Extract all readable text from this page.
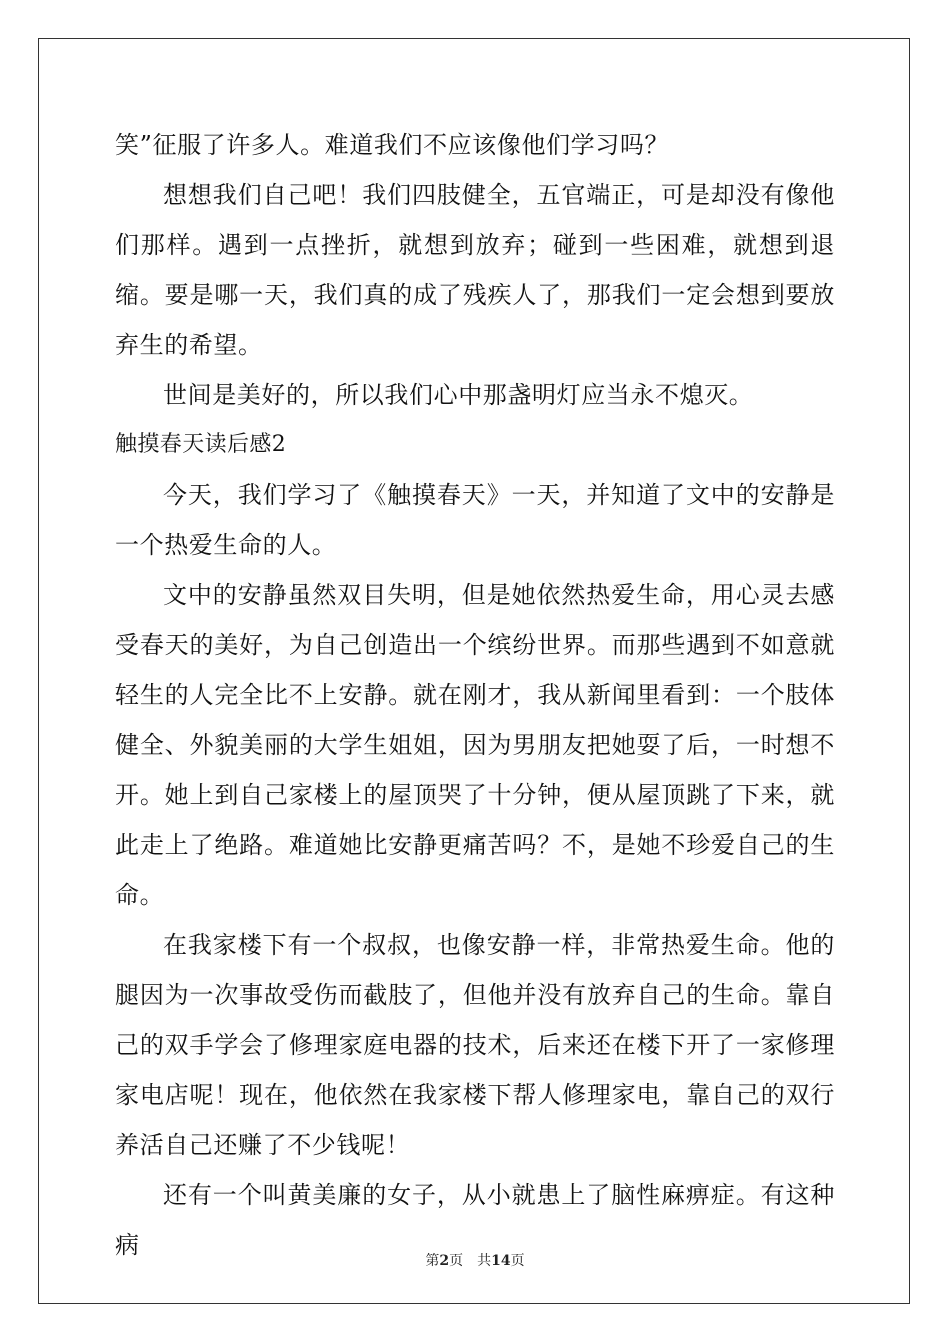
笑”征服了许多人。难道我们不应该像他们学习吗？

想想我们自己吧！我们四肢健全，五官端正，可是却没有像他们那样。遇到一点挫折，就想到放弃；碰到一些困难，就想到退缩。要是哪一天，我们真的成了残疾人了，那我们一定会想到要放弃生的希望。

世间是美好的，所以我们心中那盏明灯应当永不熄灭。

触摸春天读后感2

今天，我们学习了《触摸春天》一天，并知道了文中的安静是一个热爱生命的人。

文中的安静虽然双目失明，但是她依然热爱生命，用心灵去感受春天的美好，为自己创造出一个缤纷世界。而那些遇到不如意就轻生的人完全比不上安静。就在刚才，我从新闻里看到：一个肢体健全、外貌美丽的大学生姐姐，因为男朋友把她耍了后，一时想不开。她上到自己家楼上的屋顶哭了十分钟，便从屋顶跳了下来，就此走上了绝路。难道她比安静更痛苦吗？不，是她不珍爱自己的生命。

在我家楼下有一个叔叔，也像安静一样，非常热爱生命。他的腿因为一次事故受伤而截肢了，但他并没有放弃自己的生命。靠自己的双手学会了修理家庭电器的技术，后来还在楼下开了一家修理家电店呢！现在，他依然在我家楼下帮人修理家电，靠自己的双行养活自己还赚了不少钱呢！

还有一个叫黄美廉的女子，从小就患上了脑性麻痹症。有这种病

第2页 共14页
